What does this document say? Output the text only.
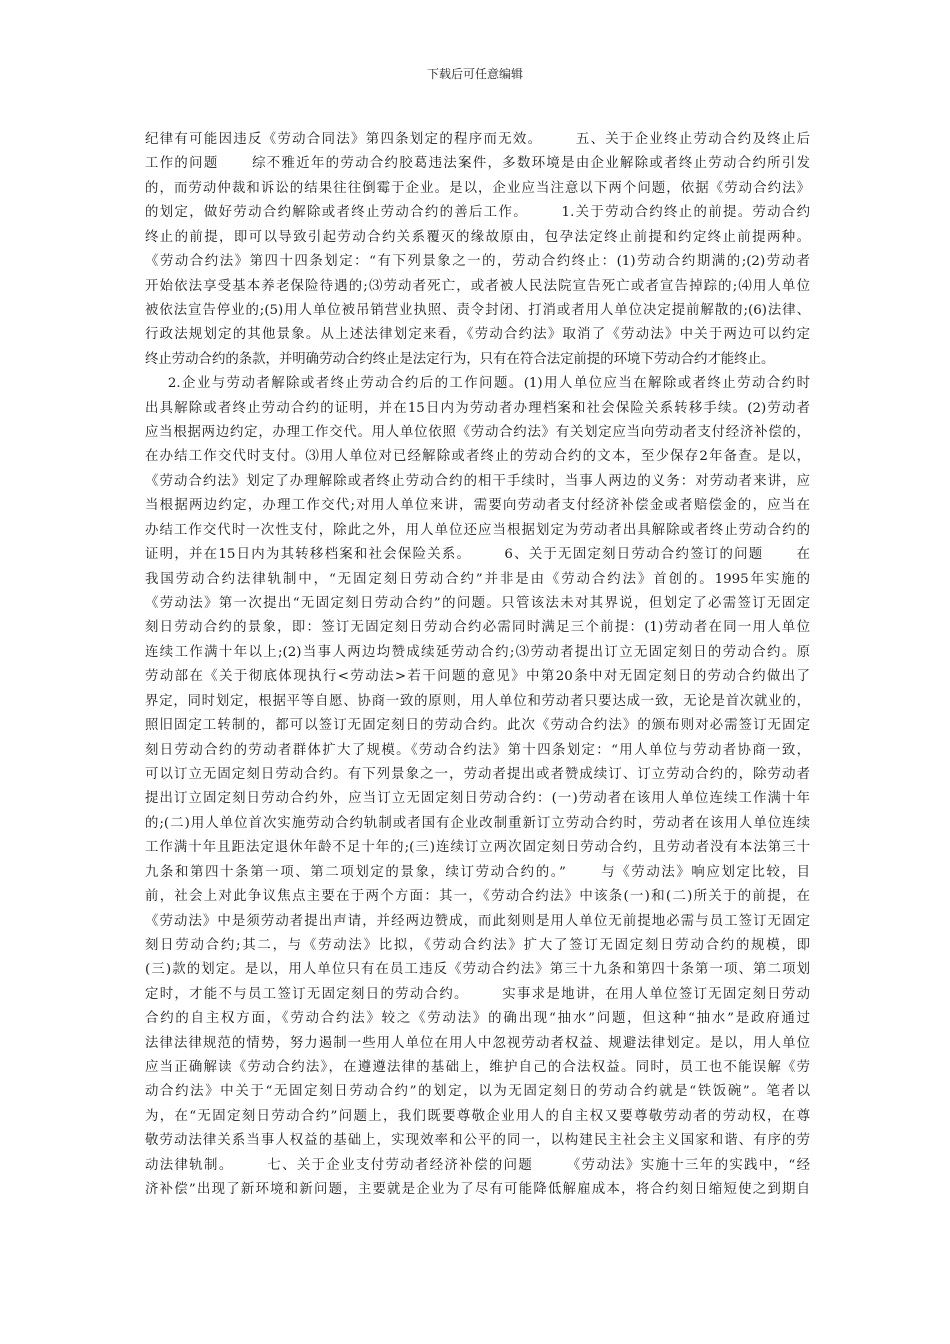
下载后可任意编辑
纪律有可能因违反《劳动合同法》第四条划定的程序而无效。      五、关于企业终止劳动合约及终止后
工作的问题      综不雅近年的劳动合约胶葛违法案件，多数环境是由企业解除或者终止劳动合约所引发
的，而劳动仲裁和诉讼的结果往往倒霉于企业。是以，企业应当注意以下两个问题，依据《劳动合约法》
的划定，做好劳动合约解除或者终止劳动合约的善后工作。      1.关于劳动合约终止的前提。劳动合约
终止的前提，即可以导致引起劳动合约关系覆灭的缘故原由，包孕法定终止前提和约定终止前提两种。
《劳动合约法》第四十四条划定：“有下列景象之一的，劳动合约终止：(1)劳动合约期满的;(2)劳动者
开始依法享受基本养老保险待遇的;⑶劳动者死亡，或者被人民法院宣告死亡或者宣告掉踪的;⑷用人单位
被依法宣告停业的;(5)用人单位被吊销营业执照、责令封闭、打消或者用人单位决定提前解散的;(6)法律、
行政法规划定的其他景象。从上述法律划定来看，《劳动合约法》取消了《劳动法》中关于两边可以约定
终止劳动合约的条款，并明确劳动合约终止是法定行为，只有在符合法定前提的环境下劳动合约才能终止。
2.企业与劳动者解除或者终止劳动合约后的工作问题。(1)用人单位应当在解除或者终止劳动合约时
出具解除或者终止劳动合约的证明，并在15日内为劳动者办理档案和社会保险关系转移手续。(2)劳动者
应当根据两边约定，办理工作交代。用人单位依照《劳动合约法》有关划定应当向劳动者支付经济补偿的，
在办结工作交代时支付。⑶用人单位对已经解除或者终止的劳动合约的文本，至少保存2年备查。是以，
《劳动合约法》划定了办理解除或者终止劳动合约的相干手续时，当事人两边的义务：对劳动者来讲，应
当根据两边约定，办理工作交代;对用人单位来讲，需要向劳动者支付经济补偿金或者赔偿金的，应当在
办结工作交代时一次性支付，除此之外，用人单位还应当根据划定为劳动者出具解除或者终止劳动合约的
证明，并在15日内为其转移档案和社会保险关系。      6、关于无固定刻日劳动合约签订的问题      在
我国劳动合约法律轨制中，“无固定刻日劳动合约”并非是由《劳动合约法》首创的。1995年实施的
《劳动法》第一次提出“无固定刻日劳动合约”的问题。只管该法未对其界说，但划定了必需签订无固定
刻日劳动合约的景象，即：签订无固定刻日劳动合约必需同时满足三个前提：(1)劳动者在同一用人单位
连续工作满十年以上;(2)当事人两边均赞成续延劳动合约;⑶劳动者提出订立无固定刻日的劳动合约。原
劳动部在《关于彻底体现执行<劳动法>若干问题的意见》中第20条中对无固定刻日的劳动合约做出了
界定，同时划定，根据平等自愿、协商一致的原则，用人单位和劳动者只要达成一致，无论是首次就业的，
照旧固定工转制的，都可以签订无固定刻日的劳动合约。此次《劳动合约法》的颁布则对必需签订无固定
刻日劳动合约的劳动者群体扩大了规模。《劳动合约法》第十四条划定：“用人单位与劳动者协商一致，
可以订立无固定刻日劳动合约。有下列景象之一，劳动者提出或者赞成续订、订立劳动合约的，除劳动者
提出订立固定刻日劳动合约外，应当订立无固定刻日劳动合约：(一)劳动者在该用人单位连续工作满十年
的;(二)用人单位首次实施劳动合约轨制或者国有企业改制重新订立劳动合约时，劳动者在该用人单位连续
工作满十年且距法定退休年龄不足十年的;(三)连续订立两次固定刻日劳动合约，且劳动者没有本法第三十
九条和第四十条第一项、第二项划定的景象，续订劳动合约的。”      与《劳动法》响应划定比较，目
前，社会上对此争议焦点主要在于两个方面：其一，《劳动合约法》中该条(一)和(二)所关于的前提，在
《劳动法》中是须劳动者提出声请，并经两边赞成，而此刻则是用人单位无前提地必需与员工签订无固定
刻日劳动合约;其二，与《劳动法》比拟，《劳动合约法》扩大了签订无固定刻日劳动合约的规模，即
(三)款的划定。是以，用人单位只有在员工违反《劳动合约法》第三十九条和第四十条第一项、第二项划
定时，才能不与员工签订无固定刻日的劳动合约。      实事求是地讲，在用人单位签订无固定刻日劳动
合约的自主权方面，《劳动合约法》较之《劳动法》的确出现“抽水”问题，但这种“抽水”是政府通过
法律法律规范的情势，努力遏制一些用人单位在用人中忽视劳动者权益、规避法律划定。是以，用人单位
应当正确解读《劳动合约法》，在遵遵法律的基础上，维护自己的合法权益。同时，员工也不能误解《劳
动合约法》中关于“无固定刻日劳动合约”的划定，以为无固定刻日的劳动合约就是“铁饭碗”。笔者以
为，在“无固定刻日劳动合约”问题上，我们既要尊敬企业用人的自主权又要尊敬劳动者的劳动权，在尊
敬劳动法律关系当事人权益的基础上，实现效率和公平的同一，以构建民主社会主义国家和谐、有序的劳
动法律轨制。      七、关于企业支付劳动者经济补偿的问题      《劳动法》实施十三年的实践中，“经
济补偿”出现了新环境和新问题，主要就是企业为了尽有可能降低解雇成本，将合约刻日缩短使之到期自
